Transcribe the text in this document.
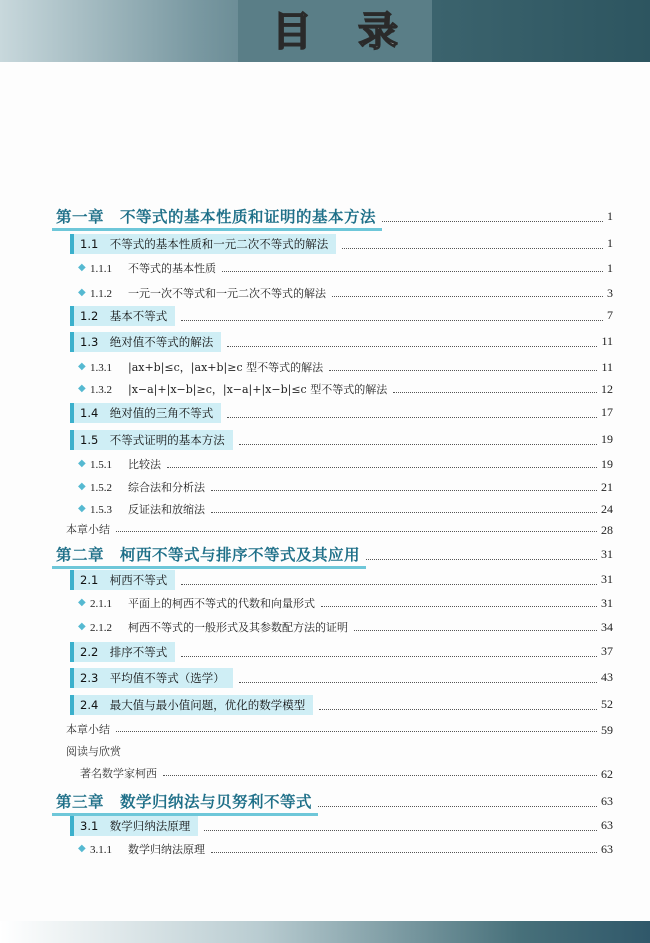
目 录
第一章　不等式的基本性质和证明的基本方法	1
1.1　不等式的基本性质和一元二次不等式的解法	1
◆ 1.1.1 不等式的基本性质	1
◆ 1.1.2 一元一次不等式和一元二次不等式的解法	3
1.2　基本不等式	7
1.3　绝对值不等式的解法	11
◆ 1.3.1 |ax+b|≤c，|ax+b|≥c 型不等式的解法	11
◆ 1.3.2 |x−a|+|x−b|≥c，|x−a|+|x−b|≤c 型不等式的解法	12
1.4　绝对值的三角不等式	17
1.5　不等式证明的基本方法	19
◆ 1.5.1 比较法	19
◆ 1.5.2 综合法和分析法	21
◆ 1.5.3 反证法和放缩法	24
本章小结	28
第二章　柯西不等式与排序不等式及其应用	31
2.1　柯西不等式	31
◆ 2.1.1 平面上的柯西不等式的代数和向量形式	31
◆ 2.1.2 柯西不等式的一般形式及其参数配方法的证明	34
2.2　排序不等式	37
2.3　平均值不等式（选学）	43
2.4　最大值与最小值问题，优化的数学模型	52
本章小结	59
阅读与欣赏
著名数学家柯西	62
第三章　数学归纳法与贝努利不等式	63
3.1　数学归纳法原理	63
◆ 3.1.1 数学归纳法原理	63
